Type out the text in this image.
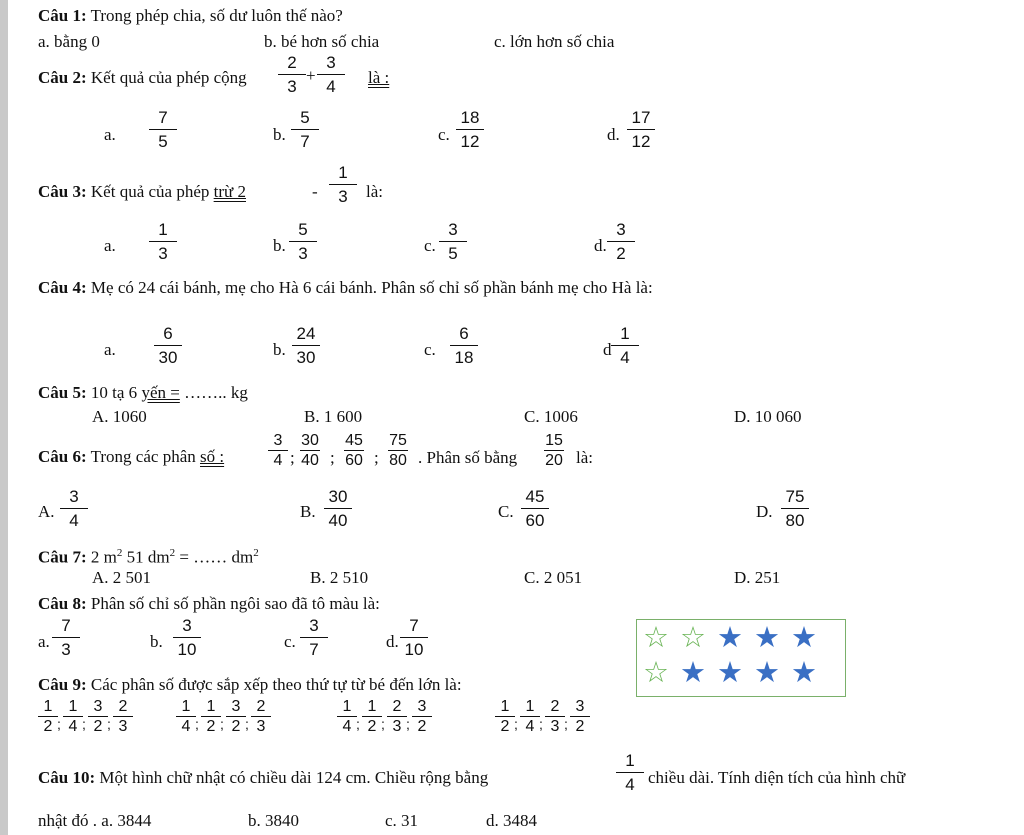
Câu 1: Trong phép chia, số dư luôn thế nào?
a. bằng 0	b. bé hơn số chia	c. lớn hơn số chia
Câu 2: Kết quả của phép cộng
2
3
+
3
4	là :
a.
7
5	b.
5
7	c.
18
12	d.
17
12
Câu 3: Kết quả của phép trừ 2	-
1
3	là:
a.
1
3	b.
5
3	c.
3
5	d.
3
2
Câu 4: Mẹ có 24 cái bánh, mẹ cho Hà 6 cái bánh. Phân số chỉ số phần bánh mẹ cho Hà là:
a.
6
30	b.
24
30	c.
6
18	d
1
4
Câu 5: 10 tạ 6 yến = …….. kg
A. 1060	B. 1 600	C. 1006	D. 10 060
Câu 6: Trong các phân số :
3
4 ;
30
40 ;
45
60 ;
75
80 . Phân số bằng
15
20 là:
A.
3
4	B.
30
40	C.
45
60	D.
75
80
Câu 7: 2 $m^2$ 51 $dm^2$ = …… $dm^2$
A. 2 501	B. 2 510	C. 2 051	D. 251
Câu 8: Phân số chỉ số phần ngôi sao đã tô màu là:
a.
7
3	b.
3
10	c.
3
7	d.
7
10	☆ ☆ ★ ★ ★
☆ ★ ★ ★ ★
Câu 9: Các phân số được sắp xếp theo thứ tự từ bé đến lớn là:
1
2 ;
1
4 ;
3
2 ;
2
3
1
4 ;
1
2 ;
3
2 ;
2
3
1
4 ;
1
2 ;
2
3 ;
3
2
1
2 ;
1
4 ;
2
3 ;
3
2
Câu 10: Một hình chữ nhật có chiều dài 124 cm. Chiều rộng bằng
1
4 chiều dài. Tính diện tích của hình chữ
nhật đó . a. 3844	b. 3840	c. 31	d. 3484
